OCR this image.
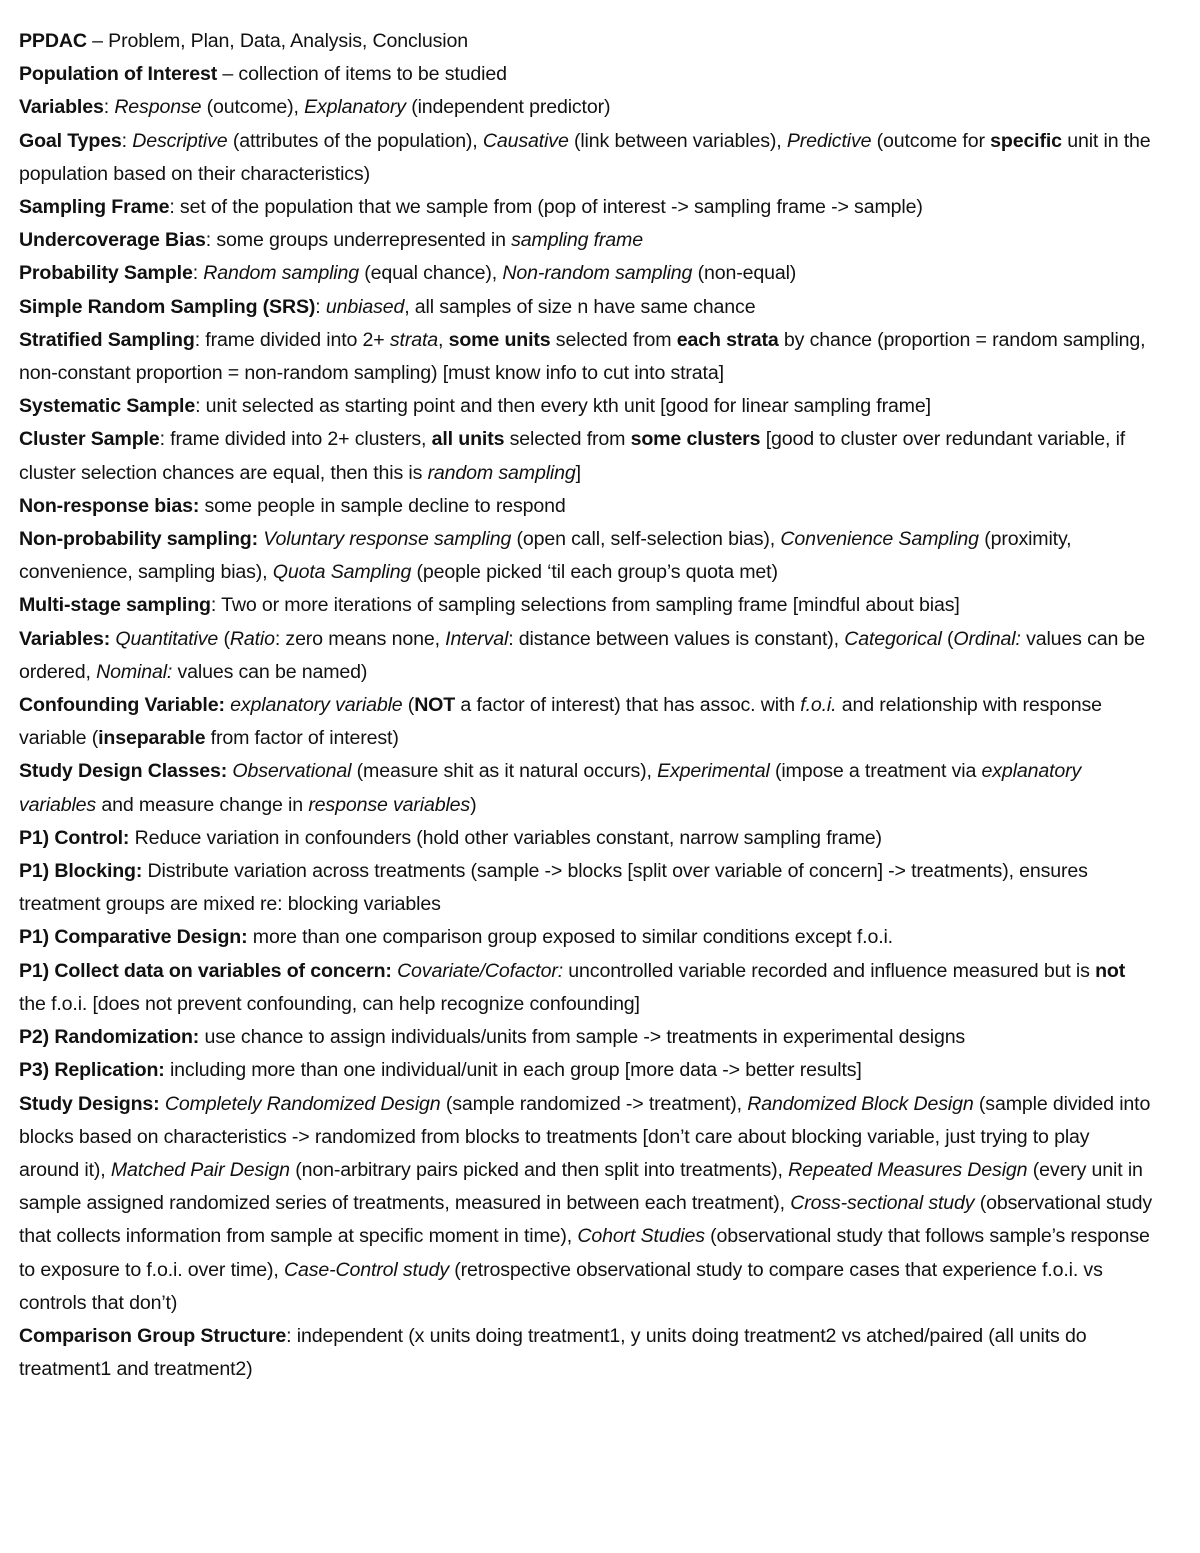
PPDAC – Problem, Plan, Data, Analysis, Conclusion

Population of Interest – collection of items to be studied

Variables: Response (outcome), Explanatory (independent predictor)

Goal Types: Descriptive (attributes of the population), Causative (link between variables), Predictive (outcome for specific unit in the population based on their characteristics)

Sampling Frame: set of the population that we sample from (pop of interest -> sampling frame -> sample)

Undercoverage Bias: some groups underrepresented in sampling frame

Probability Sample: Random sampling (equal chance), Non-random sampling (non-equal)

Simple Random Sampling (SRS): unbiased, all samples of size n have same chance

Stratified Sampling: frame divided into 2+ strata, some units selected from each strata by chance (proportion = random sampling, non-constant proportion = non-random sampling) [must know info to cut into strata]

Systematic Sample: unit selected as starting point and then every kth unit [good for linear sampling frame]

Cluster Sample: frame divided into 2+ clusters, all units selected from some clusters [good to cluster over redundant variable, if cluster selection chances are equal, then this is random sampling]

Non-response bias: some people in sample decline to respond

Non-probability sampling: Voluntary response sampling (open call, self-selection bias), Convenience Sampling (proximity, convenience, sampling bias), Quota Sampling (people picked ‘til each group’s quota met)

Multi-stage sampling: Two or more iterations of sampling selections from sampling frame [mindful about bias]

Variables: Quantitative (Ratio: zero means none, Interval: distance between values is constant), Categorical (Ordinal: values can be ordered, Nominal: values can be named)

Confounding Variable: explanatory variable (NOT a factor of interest) that has assoc. with f.o.i. and relationship with response variable (inseparable from factor of interest)

Study Design Classes: Observational (measure shit as it natural occurs), Experimental (impose a treatment via explanatory variables and measure change in response variables)

P1) Control: Reduce variation in confounders (hold other variables constant, narrow sampling frame)

P1) Blocking: Distribute variation across treatments (sample -> blocks [split over variable of concern] -> treatments), ensures treatment groups are mixed re: blocking variables

P1) Comparative Design: more than one comparison group exposed to similar conditions except f.o.i.

P1) Collect data on variables of concern: Covariate/Cofactor: uncontrolled variable recorded and influence measured but is not the f.o.i. [does not prevent confounding, can help recognize confounding]

P2) Randomization: use chance to assign individuals/units from sample -> treatments in experimental designs

P3) Replication: including more than one individual/unit in each group [more data -> better results]

Study Designs: Completely Randomized Design (sample randomized -> treatment), Randomized Block Design (sample divided into blocks based on characteristics -> randomized from blocks to treatments [don’t care about blocking variable, just trying to play around it), Matched Pair Design (non-arbitrary pairs picked and then split into treatments), Repeated Measures Design (every unit in sample assigned randomized series of treatments, measured in between each treatment), Cross-sectional study (observational study that collects information from sample at specific moment in time), Cohort Studies (observational study that follows sample’s response to exposure to f.o.i. over time), Case-Control study (retrospective observational study to compare cases that experience f.o.i. vs controls that don’t)

Comparison Group Structure: independent (x units doing treatment1, y units doing treatment2 vs atched/paired (all units do treatment1 and treatment2)
